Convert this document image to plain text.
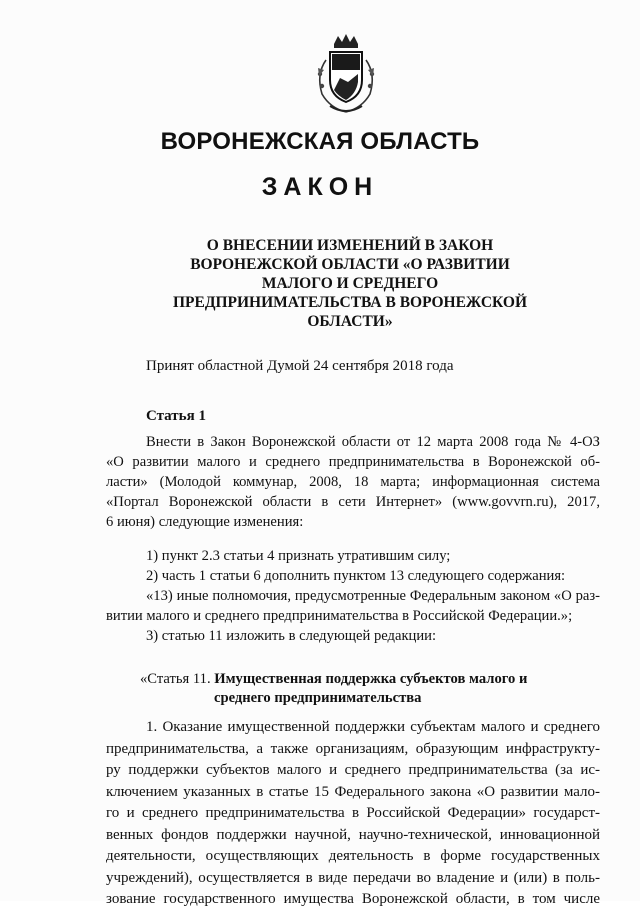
ВОРОНЕЖСКАЯ ОБЛАСТЬ
ЗАКОН
О ВНЕСЕНИИ ИЗМЕНЕНИЙ В ЗАКОН
ВОРОНЕЖСКОЙ ОБЛАСТИ «О РАЗВИТИИ
МАЛОГО И СРЕДНЕГО
ПРЕДПРИНИМАТЕЛЬСТВА В ВОРОНЕЖСКОЙ
ОБЛАСТИ»
Принят областной Думой 24 сентября 2018 года
Статья 1
Внести в Закон Воронежской области от 12 марта 2008 года № 4-ОЗ
«О развитии малого и среднего предпринимательства в Воронежской об-
ласти» (Молодой коммунар, 2008, 18 марта; информационная система
«Портал Воронежской области в сети Интернет» (www.govvrn.ru), 2017,
6 июня) следующие изменения:
1) пункт 2.3 статьи 4 признать утратившим силу;
2) часть 1 статьи 6 дополнить пунктом 13 следующего содержания:
«13) иные полномочия, предусмотренные Федеральным законом «О раз-
витии малого и среднего предпринимательства в Российской Федерации.»;
3) статью 11 изложить в следующей редакции:
«Статья 11. Имущественная поддержка субъектов малого и
среднего предпринимательства
1. Оказание имущественной поддержки субъектам малого и среднего
предпринимательства, а также организациям, образующим инфраструкту-
ру поддержки субъектов малого и среднего предпринимательства (за ис-
ключением указанных в статье 15 Федерального закона «О развитии мало-
го и среднего предпринимательства в Российской Федерации» государст-
венных фондов поддержки научной, научно-технической, инновационной
деятельности, осуществляющих деятельность в форме государственных
учреждений), осуществляется в виде передачи во владение и (или) в поль-
зование государственного имущества Воронежской области, в том числе
